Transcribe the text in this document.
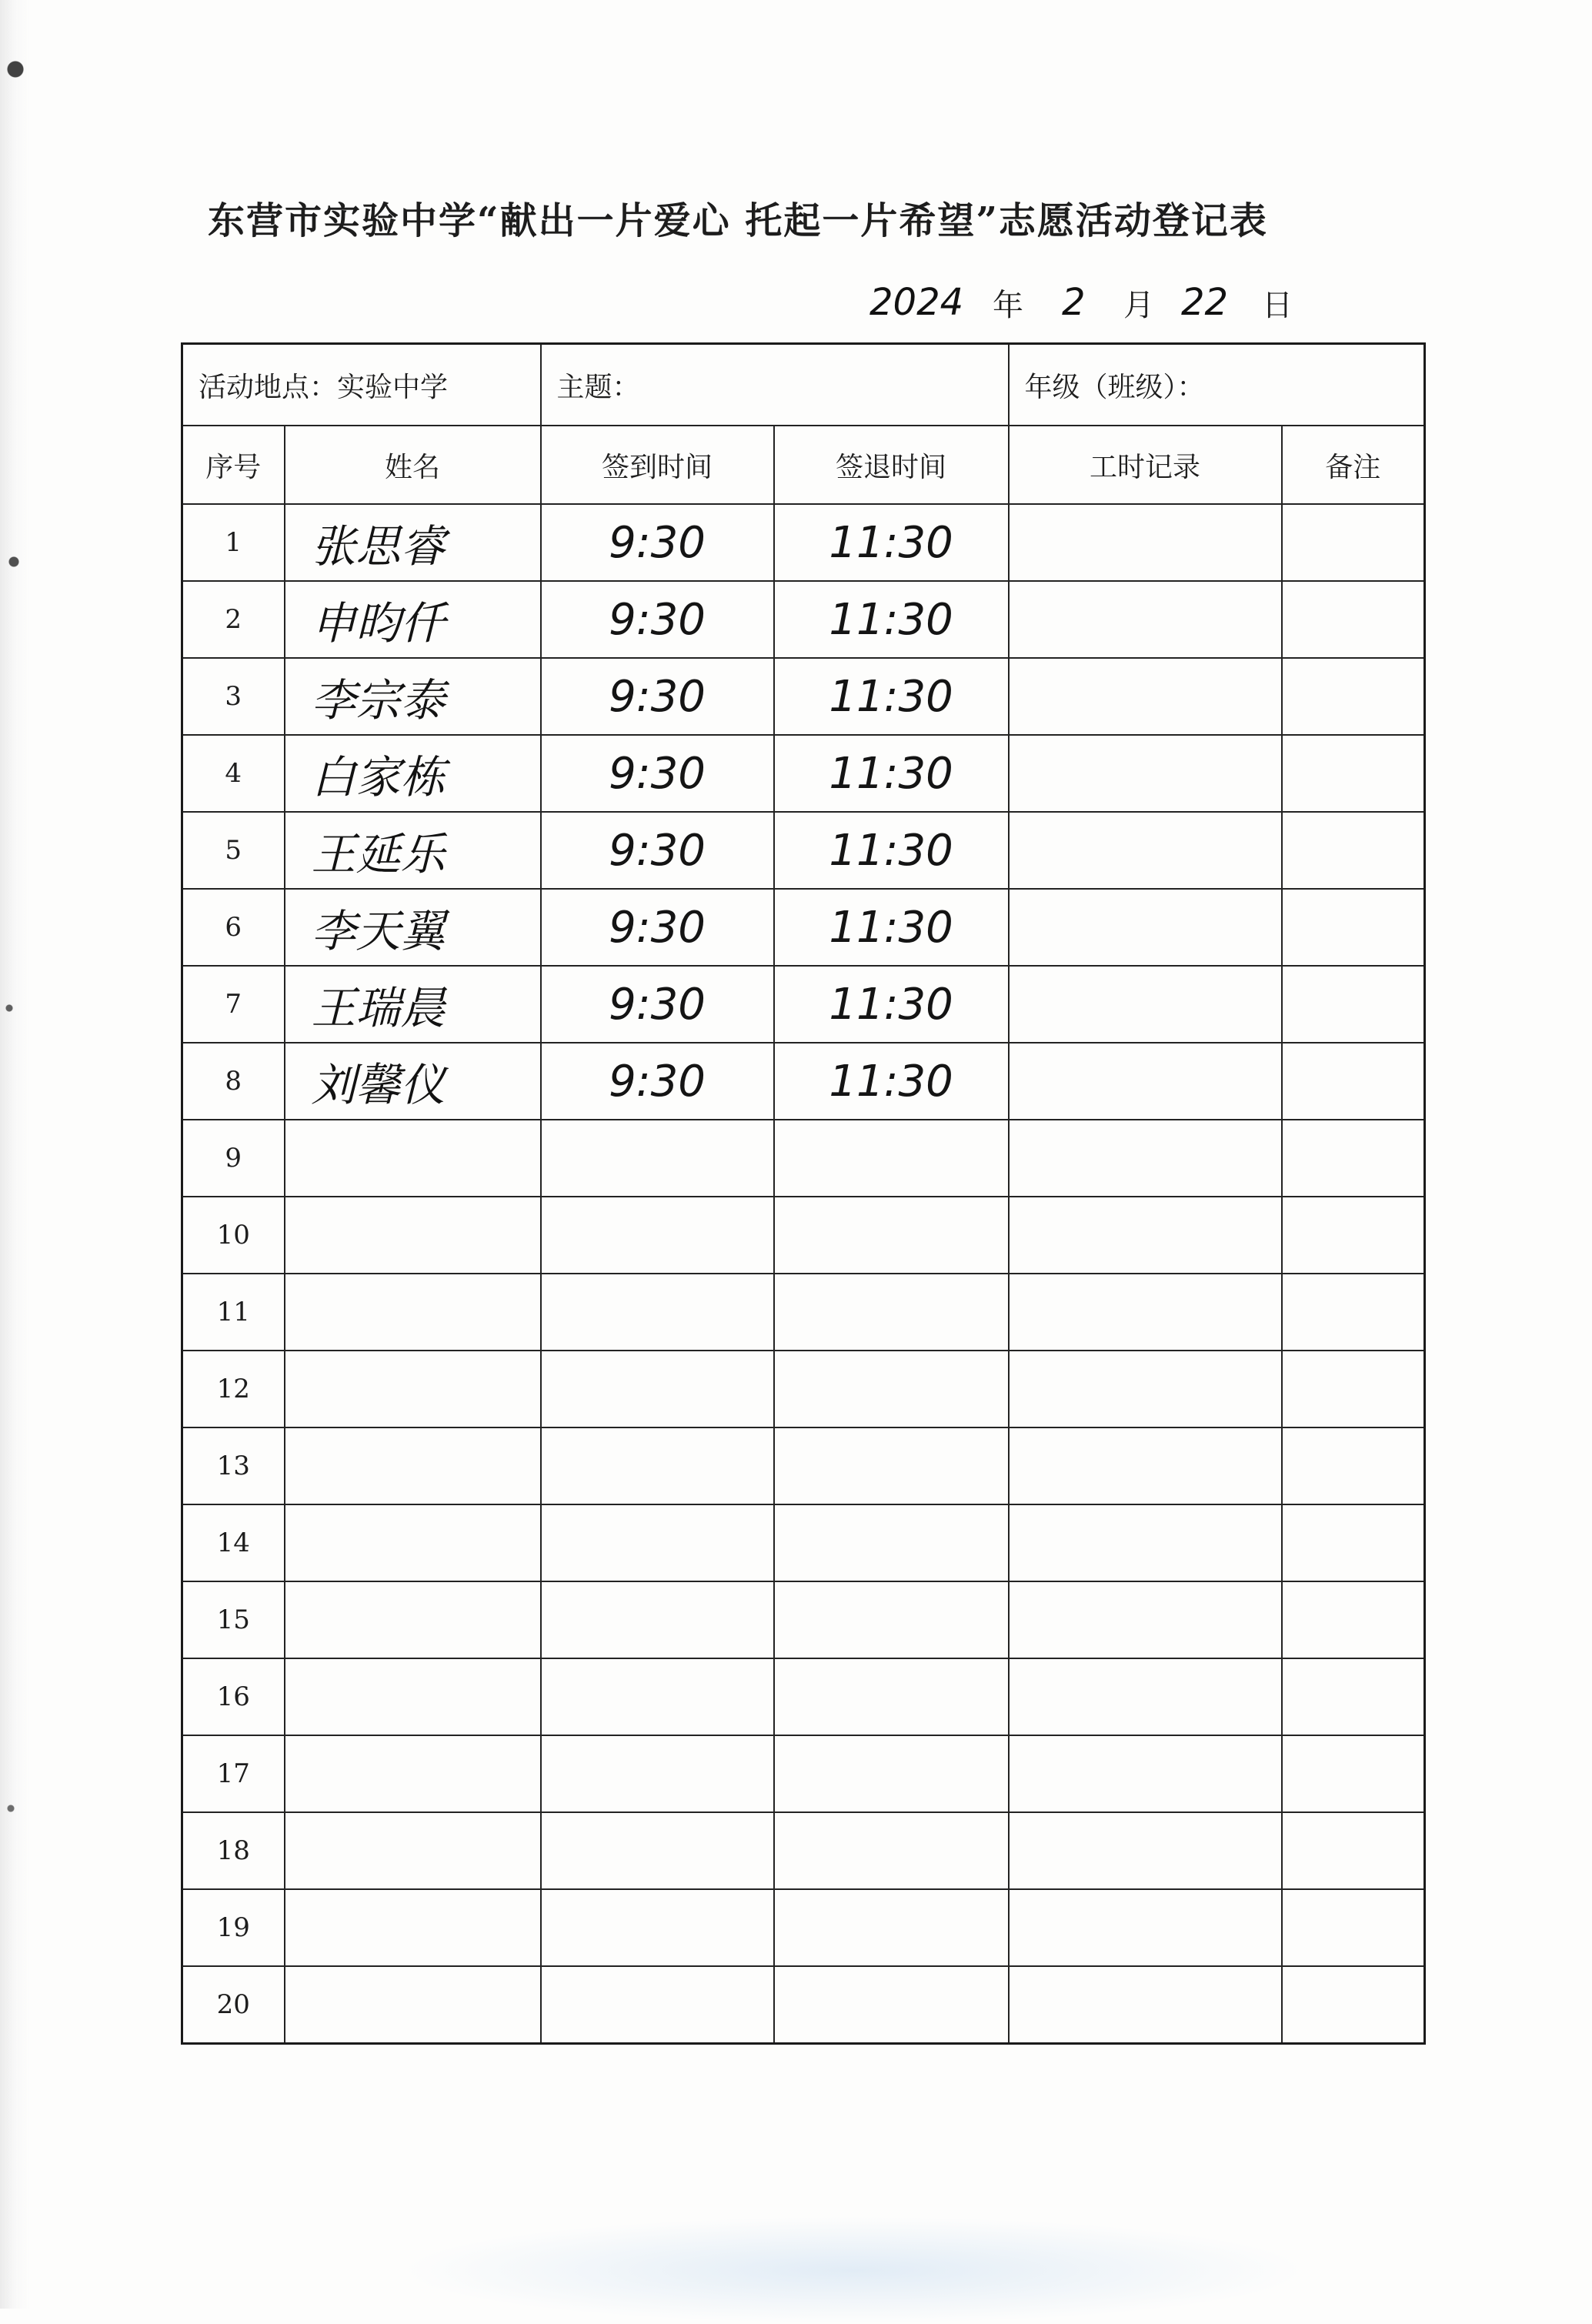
东营市实验中学“献出一片爱心 托起一片希望”志愿活动登记表
2024 年 2 月 22 日
活动地点：实验中学		主题：		年级（班级）：	
序号	姓名	签到时间	签退时间	工时记录	备注
1	张思睿	9:30	11:30		
2	申昀仟	9:30	11:30		
3	李宗泰	9:30	11:30		
4	白家栋	9:30	11:30		
5	王延乐	9:30	11:30		
6	李天翼	9:30	11:30		
7	王瑞晨	9:30	11:30		
8	刘馨仪	9:30	11:30		
9					
10					
11					
12					
13					
14					
15					
16					
17					
18					
19					
20					
